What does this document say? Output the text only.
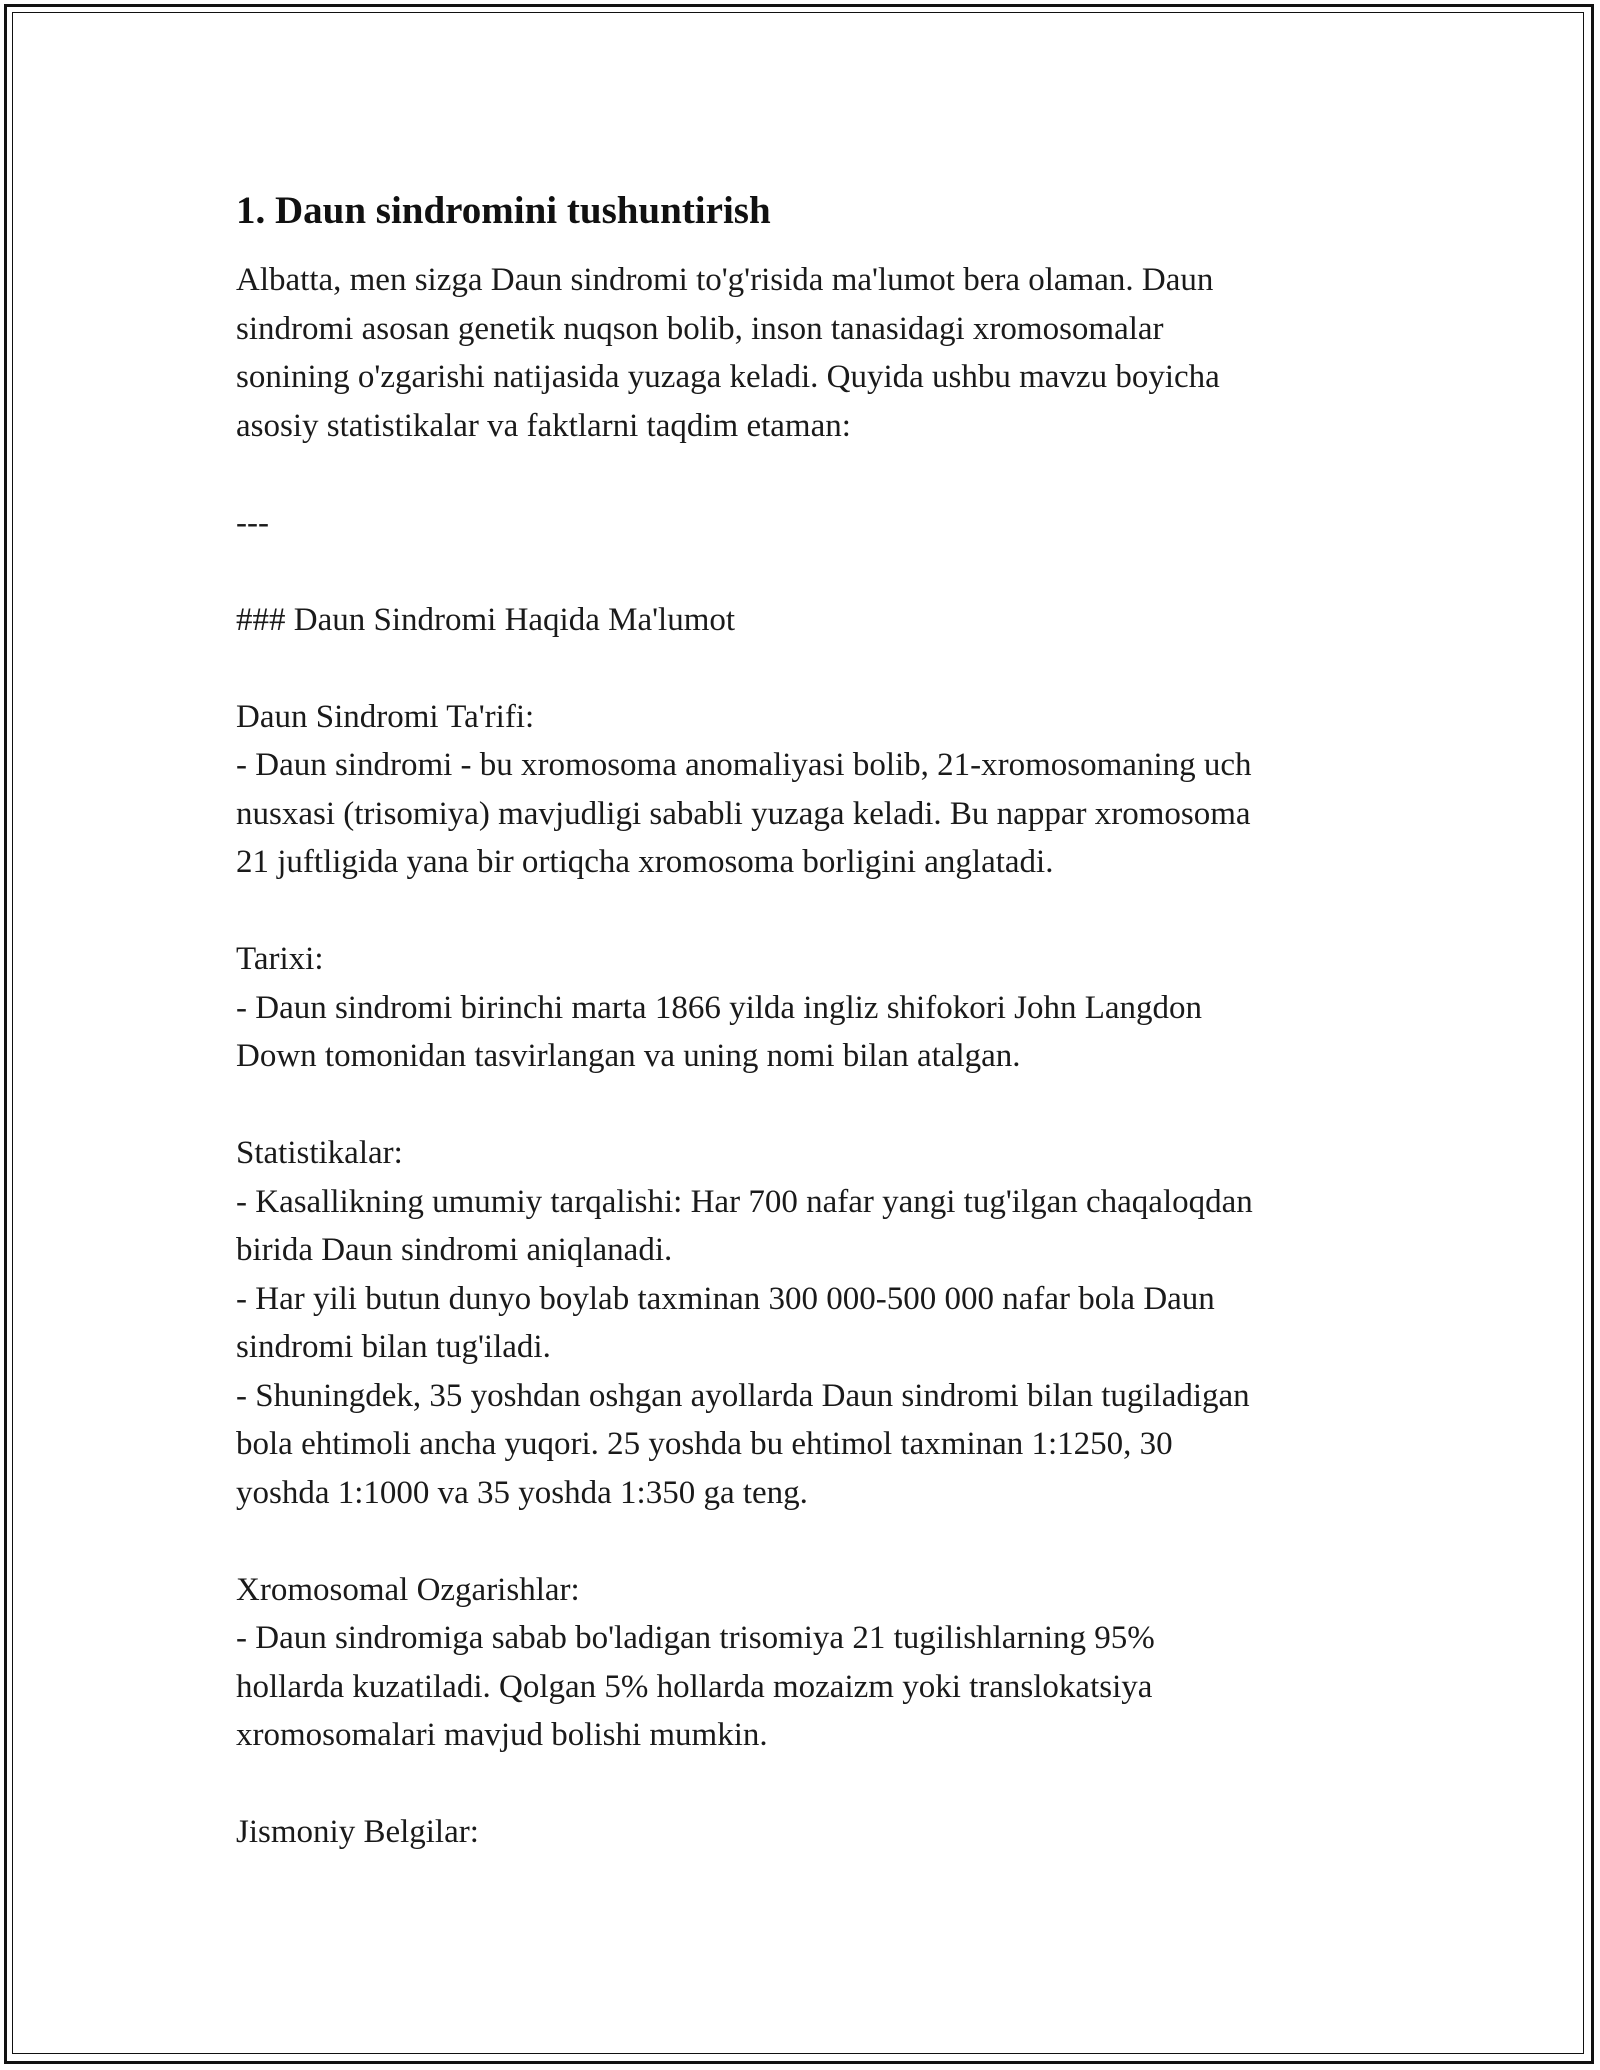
1. Daun sindromini tushuntirish

Albatta, men sizga Daun sindromi to'g'risida ma'lumot bera olaman. Daun
sindromi asosan genetik nuqson bolib, inson tanasidagi xromosomalar
sonining o'zgarishi natijasida yuzaga keladi. Quyida ushbu mavzu boyicha
asosiy statistikalar va faktlarni taqdim etaman:

---

### Daun Sindromi Haqida Ma'lumot

Daun Sindromi Ta'rifi:

- Daun sindromi - bu xromosoma anomaliyasi bolib, 21-xromosomaning uch
nusxasi (trisomiya) mavjudligi sababli yuzaga keladi. Bu nappar xromosoma
21 juftligida yana bir ortiqcha xromosoma borligini anglatadi.

Tarixi:

- Daun sindromi birinchi marta 1866 yilda ingliz shifokori John Langdon
Down tomonidan tasvirlangan va uning nomi bilan atalgan.

Statistikalar:

- Kasallikning umumiy tarqalishi: Har 700 nafar yangi tug'ilgan chaqaloqdan
birida Daun sindromi aniqlanadi.
- Har yili butun dunyo boylab taxminan 300 000-500 000 nafar bola Daun
sindromi bilan tug'iladi.
- Shuningdek, 35 yoshdan oshgan ayollarda Daun sindromi bilan tugiladigan
bola ehtimoli ancha yuqori. 25 yoshda bu ehtimol taxminan 1:1250, 30
yoshda 1:1000 va 35 yoshda 1:350 ga teng.

Xromosomal Ozgarishlar:

- Daun sindromiga sabab bo'ladigan trisomiya 21 tugilishlarning 95%
hollarda kuzatiladi. Qolgan 5% hollarda mozaizm yoki translokatsiya
xromosomalari mavjud bolishi mumkin.

Jismoniy Belgilar:
